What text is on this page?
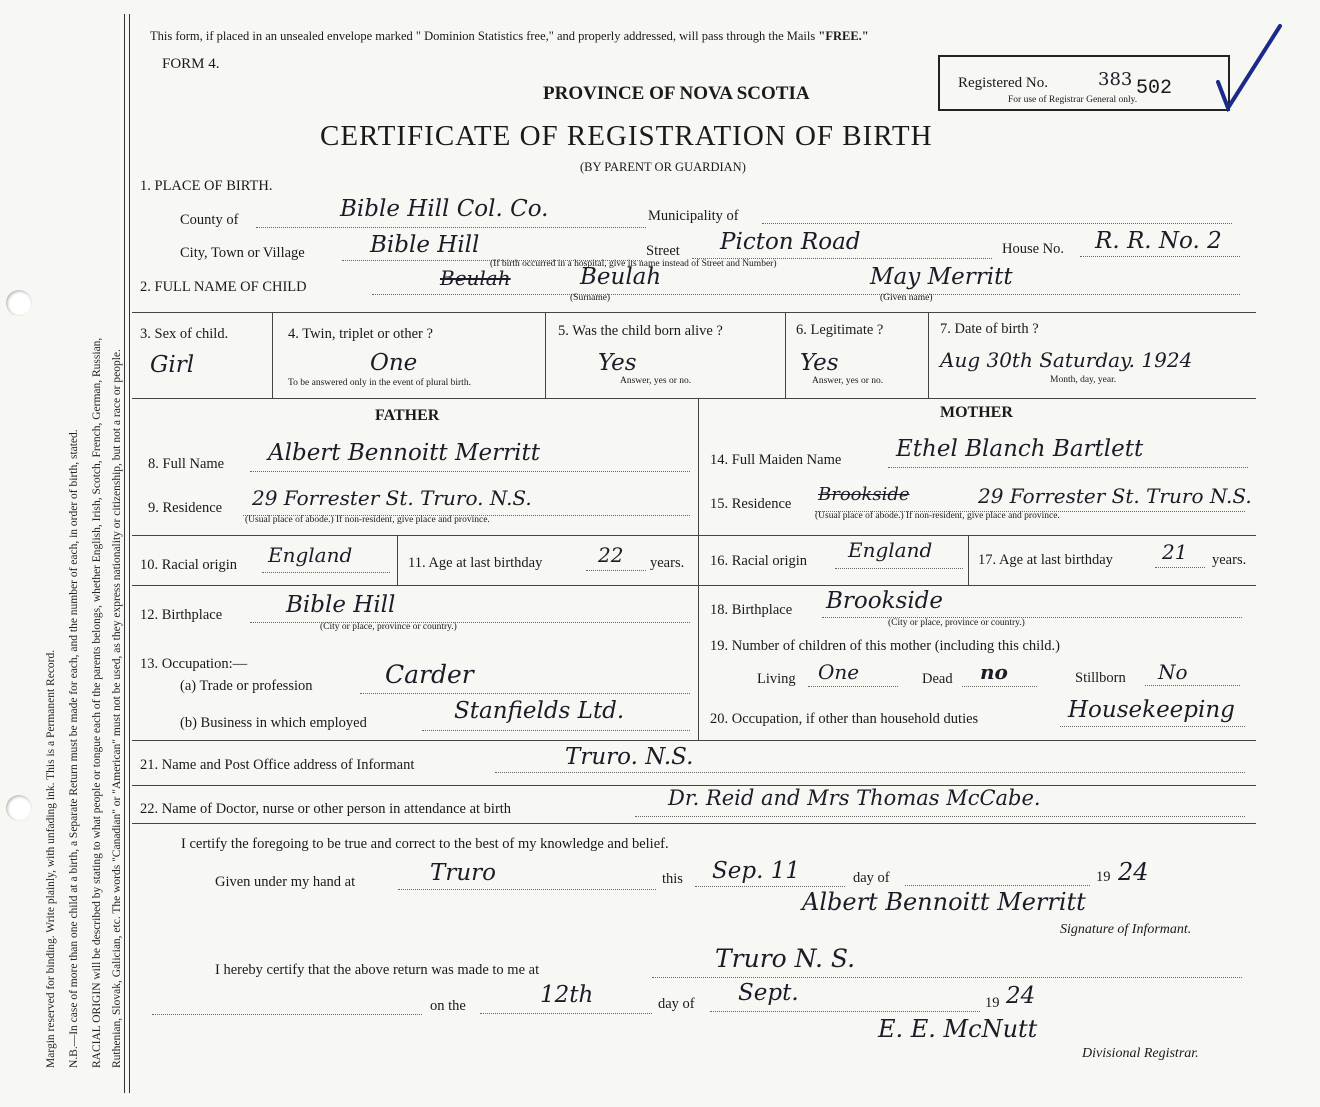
Margin reserved for binding. Write plainly, with unfading ink. This is a Permanent Record. N.B.—In case of more than one child at a birth, a Separate Return must be made for each, and the number of each, in order of birth, stated. RACIAL ORIGIN will be described by stating to what people or tongue each of the parents belongs, whether English, Irish, Scotch, French, German, Russian, Ruthenian, Slovak, Galician, etc. The words "Canadian" or "American" must not be used, as they express nationality or citizenship, but not a race or people.
This form, if placed in an unsealed envelope marked " Dominion Statistics free," and properly addressed, will pass through the Mails "FREE."
FORM 4.
PROVINCE OF NOVA SCOTIA
CERTIFICATE OF REGISTRATION OF BIRTH
(BY PARENT OR GUARDIAN)
Registered No.	383 502
For use of Registrar General only.
1. PLACE OF BIRTH.
County of	Bible Hill Col. Co.	Municipality of
City, Town or Village	Bible Hill	Street Picton Road	House No. R. R. No. 2
(If birth occurred in a hospital, give its name instead of Street and Number)
2. FULL NAME OF CHILD	Beulah	Beulah	May Merritt
(Surname)	(Given name)
3. Sex of child.
Girl
4. Twin, triplet or other ?
One
To be answered only in the event of plural birth.
5. Was the child born alive ?
Yes
Answer, yes or no.
6. Legitimate ?
Yes
Answer, yes or no.
7. Date of birth ?
Aug 30th Saturday. 1924
Month, day, year.
FATHER	MOTHER
8. Full Name Albert Bennoitt Merritt
9. Residence 29 Forrester St. Truro. N.S.
(Usual place of abode.) If non-resident, give place and province.
10. Racial origin England	11. Age at last birthday	22 years.
12. Birthplace	Bible Hill
(City or place, province or country.)
13. Occupation:—
(a) Trade or profession	Carder
(b) Business in which employed	Stanfields Ltd.
14. Full Maiden Name Ethel Blanch Bartlett
15. Residence Brookside	29 Forrester St. Truro N.S.
(Usual place of abode.) If non-resident, give place and province.
16. Racial origin England	17. Age at last birthday 21 years.
18. Birthplace Brookside
(City or place, province or country.)
19. Number of children of this mother (including this child.)
Living One	Dead no	Stillborn No
20. Occupation, if other than household duties	Housekeeping
21. Name and Post Office address of Informant	Truro. N.S.
22. Name of Doctor, nurse or other person in attendance at birth	Dr. Reid and Mrs Thomas McCabe.
I certify the foregoing to be true and correct to the best of my knowledge and belief.
Given under my hand at	Truro	this Sep. 11	day of	19 24
Albert Bennoitt Merritt
Signature of Informant.
I hereby certify that the above return was made to me at	Truro N. S.
on the	12th	day of Sept.	19 24
E. E. McNutt
Divisional Registrar.
